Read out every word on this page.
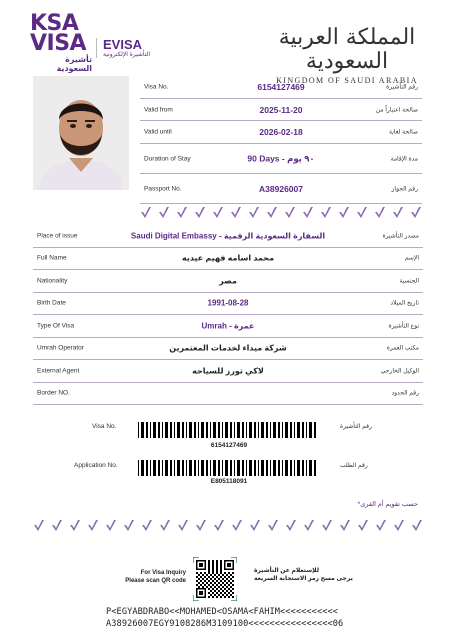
KSA
VISA
تأشيرة السعودية
EVISA
التأشيرة الإلكترونية
المملكة العربية السعودية
KINGDOM OF SAUDI ARABIA
Visa No.	6154127469	رقم التأشيرة
Valid from	2025-11-20	صالحة اعتباراً من
Valid until	2026-02-18	صالحة لغاية
Duration of Stay	90 Days - ٩٠ يوم	مدة الإقامة
Passport No.	A38926007	رقم الجواز
Place of issue	Saudi Digital Embassy - السفارة السعودية الرقمية	مصدر التأشيرة
Full Name	محمد اسامه فهيم عيديه	الإسم
Nationality	مصر	الجنسية
Birth Date	1991-08-28	تاريخ الميلاد
Type Of Visa	Umrah - عمرة	نوع التأشيرة
Umrah Operator	شركة ميداء لخدمات المعتمرين	مكتب العمرة
External Agent	لاكي تورز للسياحه	الوكيل الخارجي
Border NO.	رقم الحدود
Visa No.	رقم التأشيرة
6154127469
Application No.	رقم الطلب
E805118091
*حسب تقويم أم القرى
For Visa Inquiry
Please scan QR code
للإستعلام عن التأشيرة
يرجى مسح رمز الاستجابة السريعة
P<EGYABDRABO<<MOHAMED<OSAMA<FAHIM<<<<<<<<<<<
A38926007EGY9108286M3109100<<<<<<<<<<<<<<<<06
